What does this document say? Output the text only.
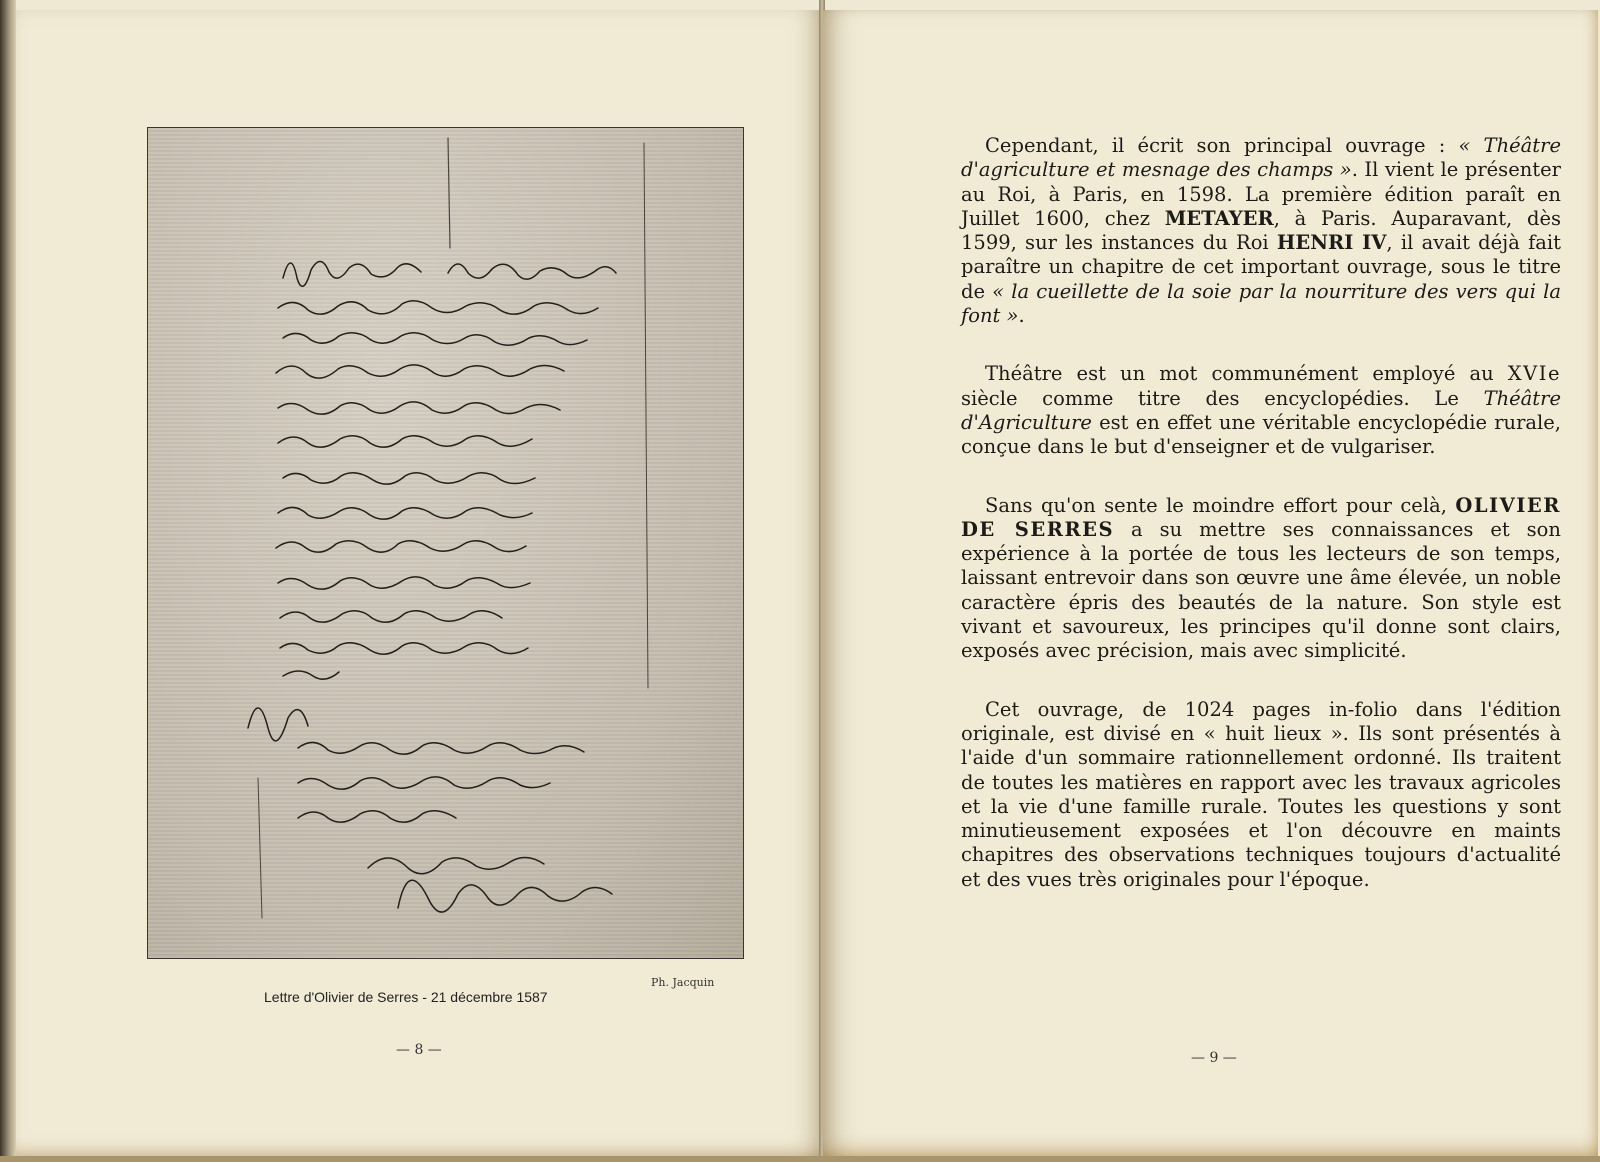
Ph. Jacquin
Lettre d'Olivier de Serres - 21 décembre 1587
— 8 —

Cependant, il écrit son principal ouvrage : « Théâtre d'agriculture et mesnage des champs ». Il vient le présenter au Roi, à Paris, en 1598. La première édition paraît en Juillet 1600, chez METAYER, à Paris. Auparavant, dès 1599, sur les instances du Roi HENRI IV, il avait déjà fait paraître un chapitre de cet important ouvrage, sous le titre de « la cueillette de la soie par la nourriture des vers qui la font ».

Théâtre est un mot communément employé au XVIe siècle comme titre des encyclopédies. Le Théâtre d'Agriculture est en effet une véritable encyclopédie rurale, conçue dans le but d'enseigner et de vulgariser.

Sans qu'on sente le moindre effort pour celà, OLIVIER DE SERRES a su mettre ses connaissances et son expérience à la portée de tous les lecteurs de son temps, laissant entrevoir dans son œuvre une âme élevée, un noble caractère épris des beautés de la nature. Son style est vivant et savoureux, les principes qu'il donne sont clairs, exposés avec précision, mais avec simplicité.

Cet ouvrage, de 1024 pages in-folio dans l'édition originale, est divisé en « huit lieux ». Ils sont présentés à l'aide d'un sommaire rationnellement ordonné. Ils traitent de toutes les matières en rapport avec les travaux agricoles et la vie d'une famille rurale. Toutes les questions y sont minutieusement exposées et l'on découvre en maints chapitres des observations techniques toujours d'actualité et des vues très originales pour l'époque.

— 9 —
